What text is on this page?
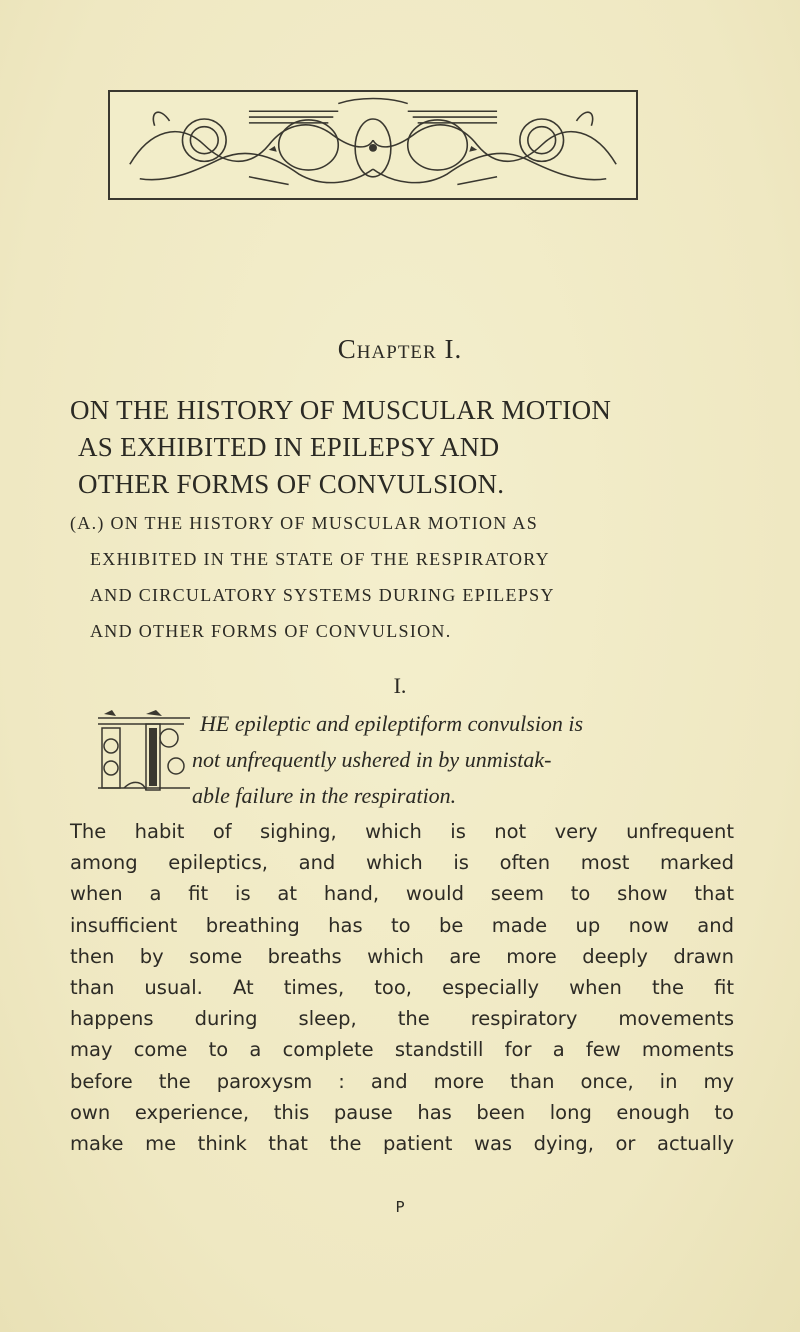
Chapter I.
ON THE HISTORY OF MUSCULAR MOTION
AS EXHIBITED IN EPILEPSY AND
OTHER FORMS OF CONVULSION.
(A.) ON THE HISTORY OF MUSCULAR MOTION AS
EXHIBITED IN THE STATE OF THE RESPIRATORY
AND CIRCULATORY SYSTEMS DURING EPILEPSY
AND OTHER FORMS OF CONVULSION.
I.
HE epileptic and epileptiform convulsion is
not unfrequently ushered in by unmistak-
able failure in the respiration.
The habit of sighing, which is not very unfrequent
among epileptics, and which is often most marked
when a fit is at hand, would seem to show that
insufficient breathing has to be made up now and
then by some breaths which are more deeply drawn
than usual. At times, too, especially when the fit
happens during sleep, the respiratory movements
may come to a complete standstill for a few moments
before the paroxysm : and more than once, in my
own experience, this pause has been long enough to
make me think that the patient was dying, or actually
P
